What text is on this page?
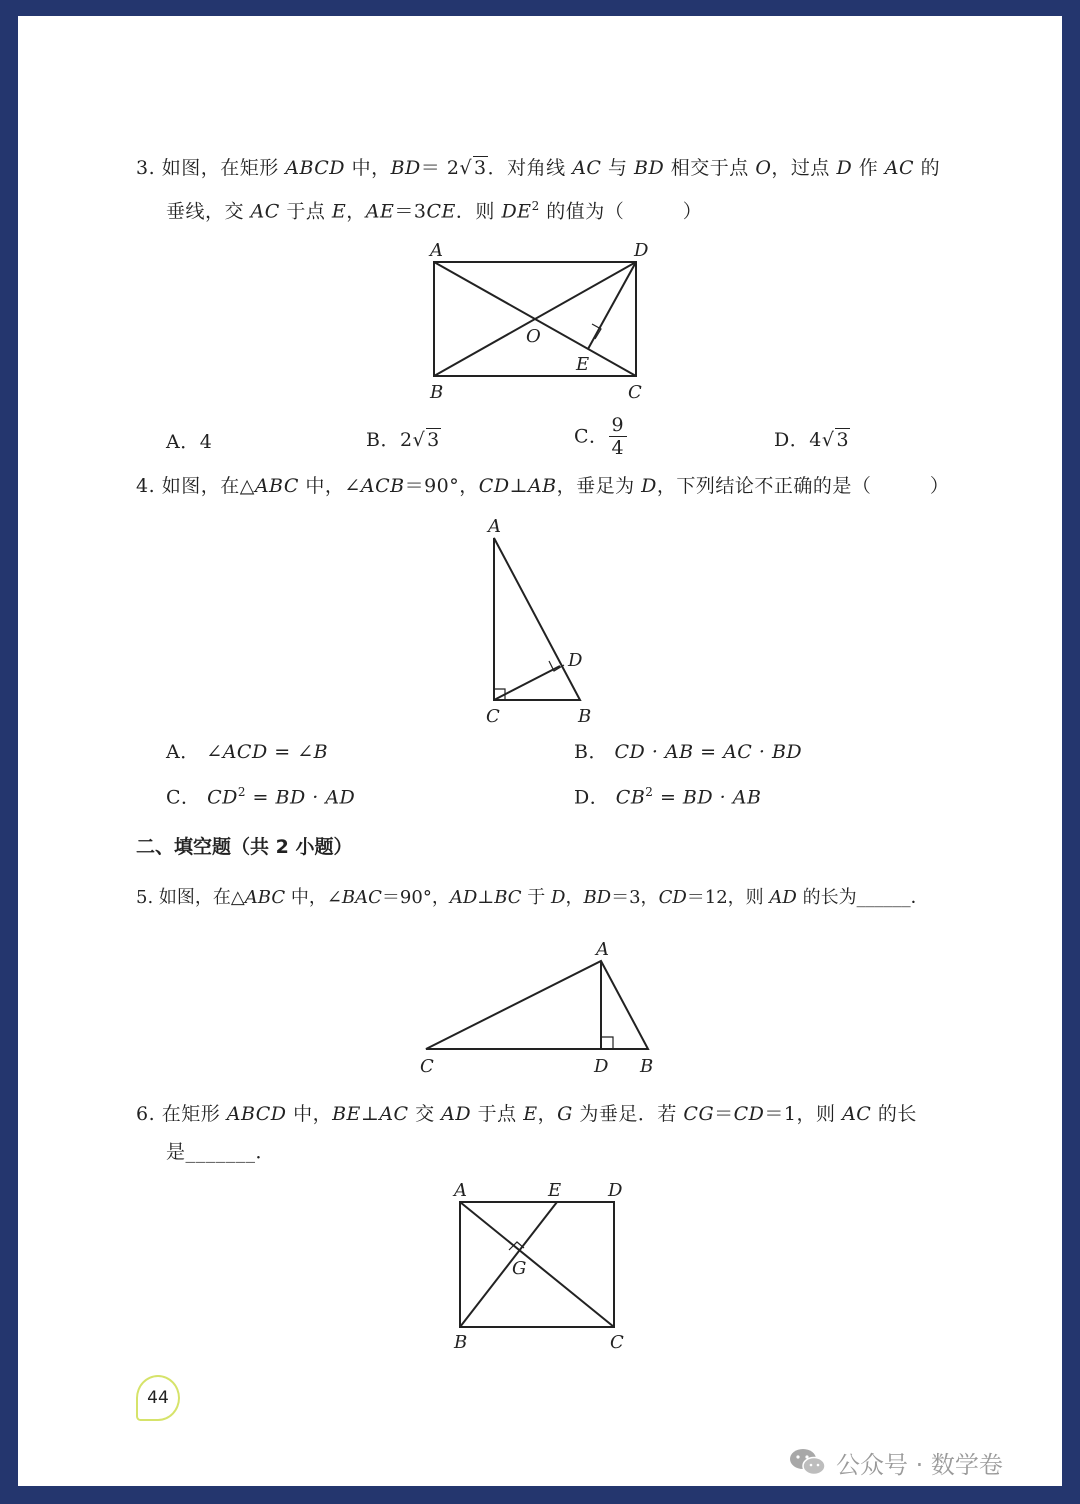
3. 如图，在矩形 ABCD 中，BD＝ 2√ 3．对角线 AC 与 BD 相交于点 O，过点 D 作 AC 的
垂线，交 AC 于点 E，AE＝3CE．则 $DE^2$ 的值为（　　　）
A	D
B	C
O
E
A．4	B．2√ 3	C． $\frac{9}{4}$	D．4√ 3
4. 如图，在△ABC 中，∠ACB＝90°，CD⊥AB，垂足为 D，下列结论不正确的是（　　　）
A
D
C	B
A． ∠ACD = ∠B	B． CD · AB = AC · BD
C． $CD^2$ = BD · AD	D． $CB^2$ = BD · AB
二、填空题（共 2 小题）
5. 如图，在△ABC 中，∠BAC＝90°，AD⊥BC 于 D，BD＝3，CD＝12，则 AD 的长为______．
A
C	D B
6. 在矩形 ABCD 中，BE⊥AC 交 AD 于点 E，G 为垂足．若 CG＝CD＝1，则 AC 的长
是_______．
A	E	D
G
B	C
44
公众号 · 数学卷
